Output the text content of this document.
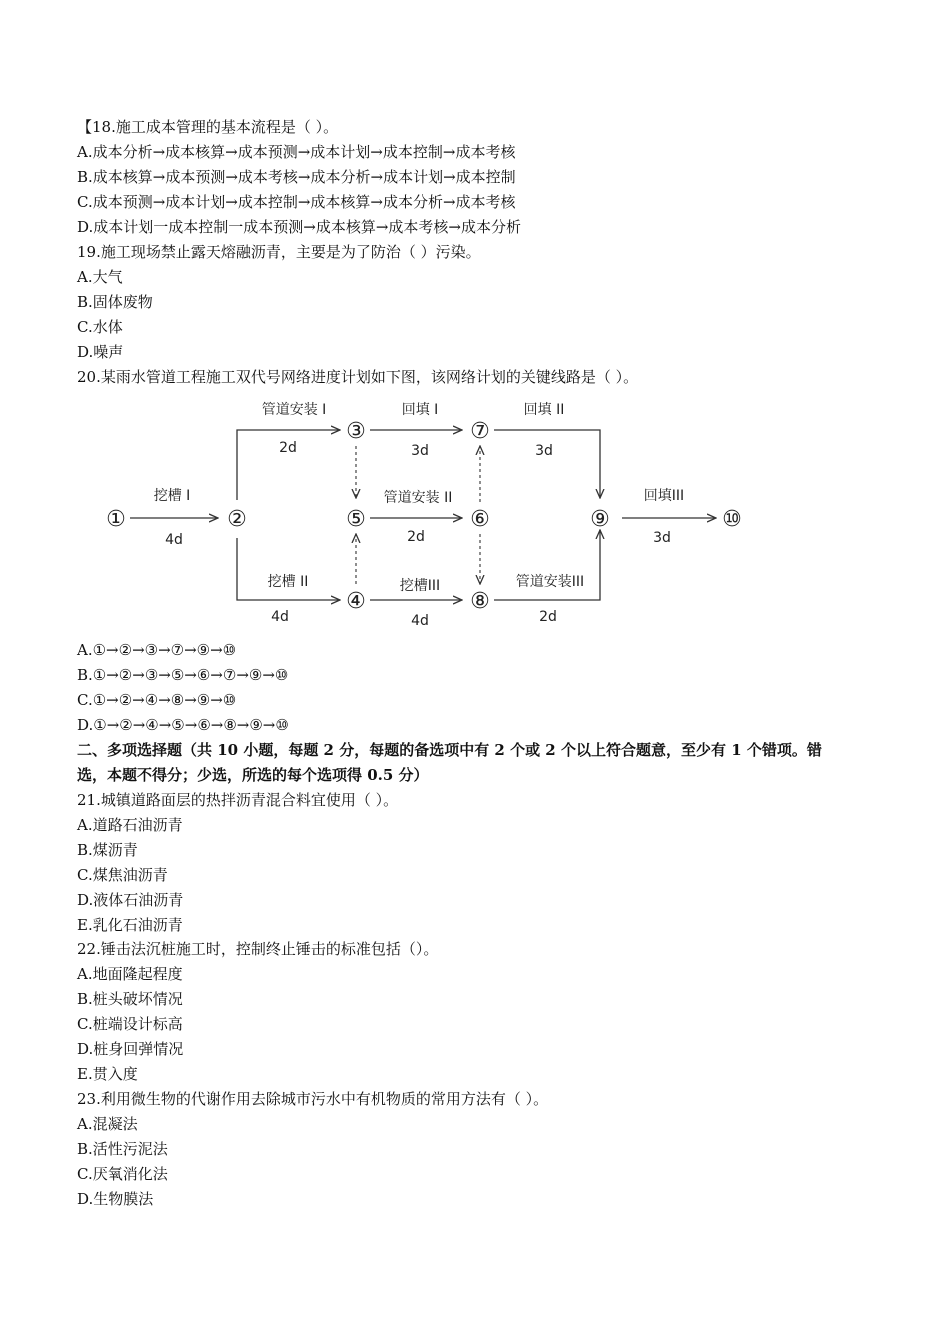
【18.施工成本管理的基本流程是（ ）。
A.成本分析→成本核算→成本预测→成本计划→成本控制→成本考核
B.成本核算→成本预测→成本考核→成本分析→成本计划→成本控制
C.成本预测→成本计划→成本控制→成本核算→成本分析→成本考核
D.成本计划一成本控制一成本预测→成本核算→成本考核→成本分析
19.施工现场禁止露天熔融沥青，主要是为了防治（ ）污染。
A.大气
B.固体废物
C.水体
D.噪声
20.某雨水管道工程施工双代号网络进度计划如下图，该网络计划的关键线路是（ ）。
①	②
③
④
⑤	⑥
⑦
⑧
⑨	⑩
挖槽 I
4d
管道安装 I
2d
挖槽 II
4d
回填 I
3d
管道安装 II
2d
挖槽III
4d
回填 II
3d
管道安装III
2d
回填III
3d
A.①→②→③→⑦→⑨→⑩
B.①→②→③→⑤→⑥→⑦→⑨→⑩
C.①→②→④→⑧→⑨→⑩
D.①→②→④→⑤→⑥→⑧→⑨→⑩
二、多项选择题（共 10 小题，每题 2 分，每题的备选项中有 2 个或 2 个以上符合题意，至少有 1 个错项。错
选，本题不得分；少选，所选的每个选项得 0.5 分）
21.城镇道路面层的热拌沥青混合料宜使用（ ）。
A.道路石油沥青
B.煤沥青
C.煤焦油沥青
D.液体石油沥青
E.乳化石油沥青
22.锤击法沉桩施工时，控制终止锤击的标准包括（）。
A.地面隆起程度
B.桩头破坏情况
C.桩端设计标高
D.桩身回弹情况
E.贯入度
23.利用微生物的代谢作用去除城市污水中有机物质的常用方法有（ ）。
A.混凝法
B.活性污泥法
C.厌氧消化法
D.生物膜法
